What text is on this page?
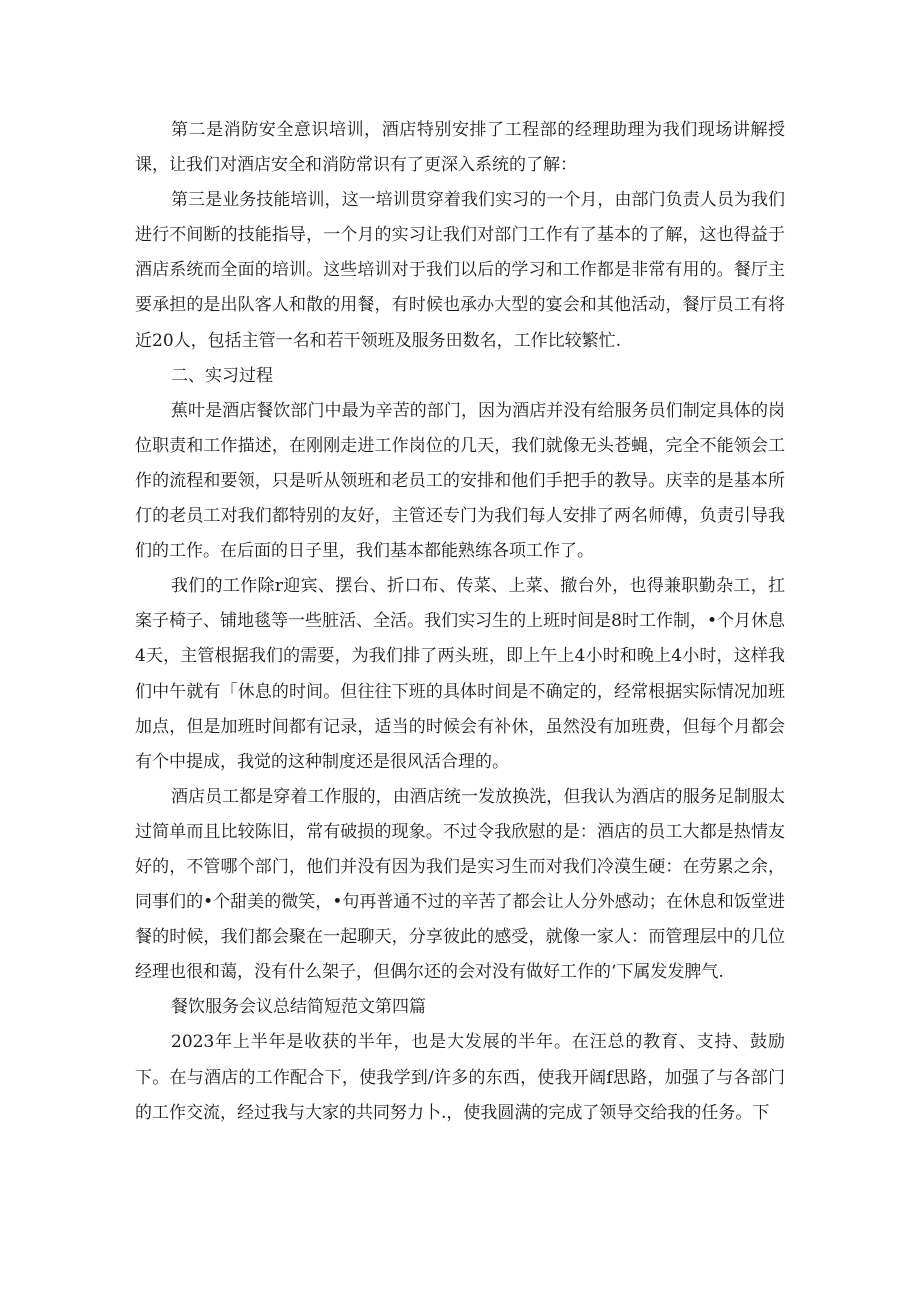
第二是消防安全意识培训，酒店特别安排了工程部的经理助理为我们现场讲解授课，让我们对酒店安全和消防常识有了更深入系统的了解：

第三是业务技能培训，这一培训贯穿着我们实习的一个月，由部门负责人员为我们进行不间断的技能指导，一个月的实习让我们对部门工作有了基本的了解，这也得益于酒店系统而全面的培训。这些培训对于我们以后的学习和工作都是非常有用的。餐厅主要承担的是出队客人和散的用餐，有时候也承办大型的宴会和其他活动，餐厅员工有将近20人，包括主管一名和若干领班及服务田数名，工作比较繁忙.

二、实习过程

蕉叶是酒店餐饮部门中最为辛苦的部门，因为酒店并没有给服务员们制定具体的岗位职责和工作描述，在刚刚走进工作岗位的几天，我们就像无头苍蝇，完全不能领会工作的流程和要领，只是听从领班和老员工的安排和他们手把手的教导。庆幸的是基本所仃的老员工对我们都特别的友好，主管还专门为我们每人安排了两名师傅，负责引导我们的工作。在后面的日子里，我们基本都能熟练各项工作了。

我们的工作除r迎宾、摆台、折口布、传菜、上菜、撤台外，也得兼职勤杂工，扛案子椅子、铺地毯等一些脏活、全活。我们实习生的上班时间是8时工作制，•个月休息4天，主管根据我们的需要，为我们排了两头班，即上午上4小时和晚上4小时，这样我们中午就有「休息的时间。但往往下班的具体时间是不确定的，经常根据实际情况加班加点，但是加班时间都有记录，适当的时候会有补休，虽然没有加班费，但每个月都会有个中提成，我觉的这种制度还是很风活合理的。

酒店员工都是穿着工作服的，由酒店统一发放换洗，但我认为酒店的服务足制服太过简单而且比较陈旧，常有破损的现象。不过令我欣慰的是：酒店的员工大都是热情友好的，不管哪个部门，他们并没有因为我们是实习生而对我们冷漠生硬：在劳累之余，同事们的•个甜美的微笑，•句再普通不过的辛苦了都会让人分外感动；在休息和饭堂进餐的时候，我们都会聚在一起聊天，分享彼此的感受，就像一家人：而管理层中的几位经理也很和蔼，没有什么架子，但偶尔还的会对没有做好工作的‘下属发发脾气.

餐饮服务会议总结简短范文第四篇

2023年上半年是收获的半年，也是大发展的半年。在汪总的教育、支持、鼓励下。在与酒店的工作配合下，使我学到/许多的东西，使我开阔f思路，加强了与各部门的工作交流，经过我与大家的共同努力卜.，使我圆满的完成了领导交给我的任务。下
